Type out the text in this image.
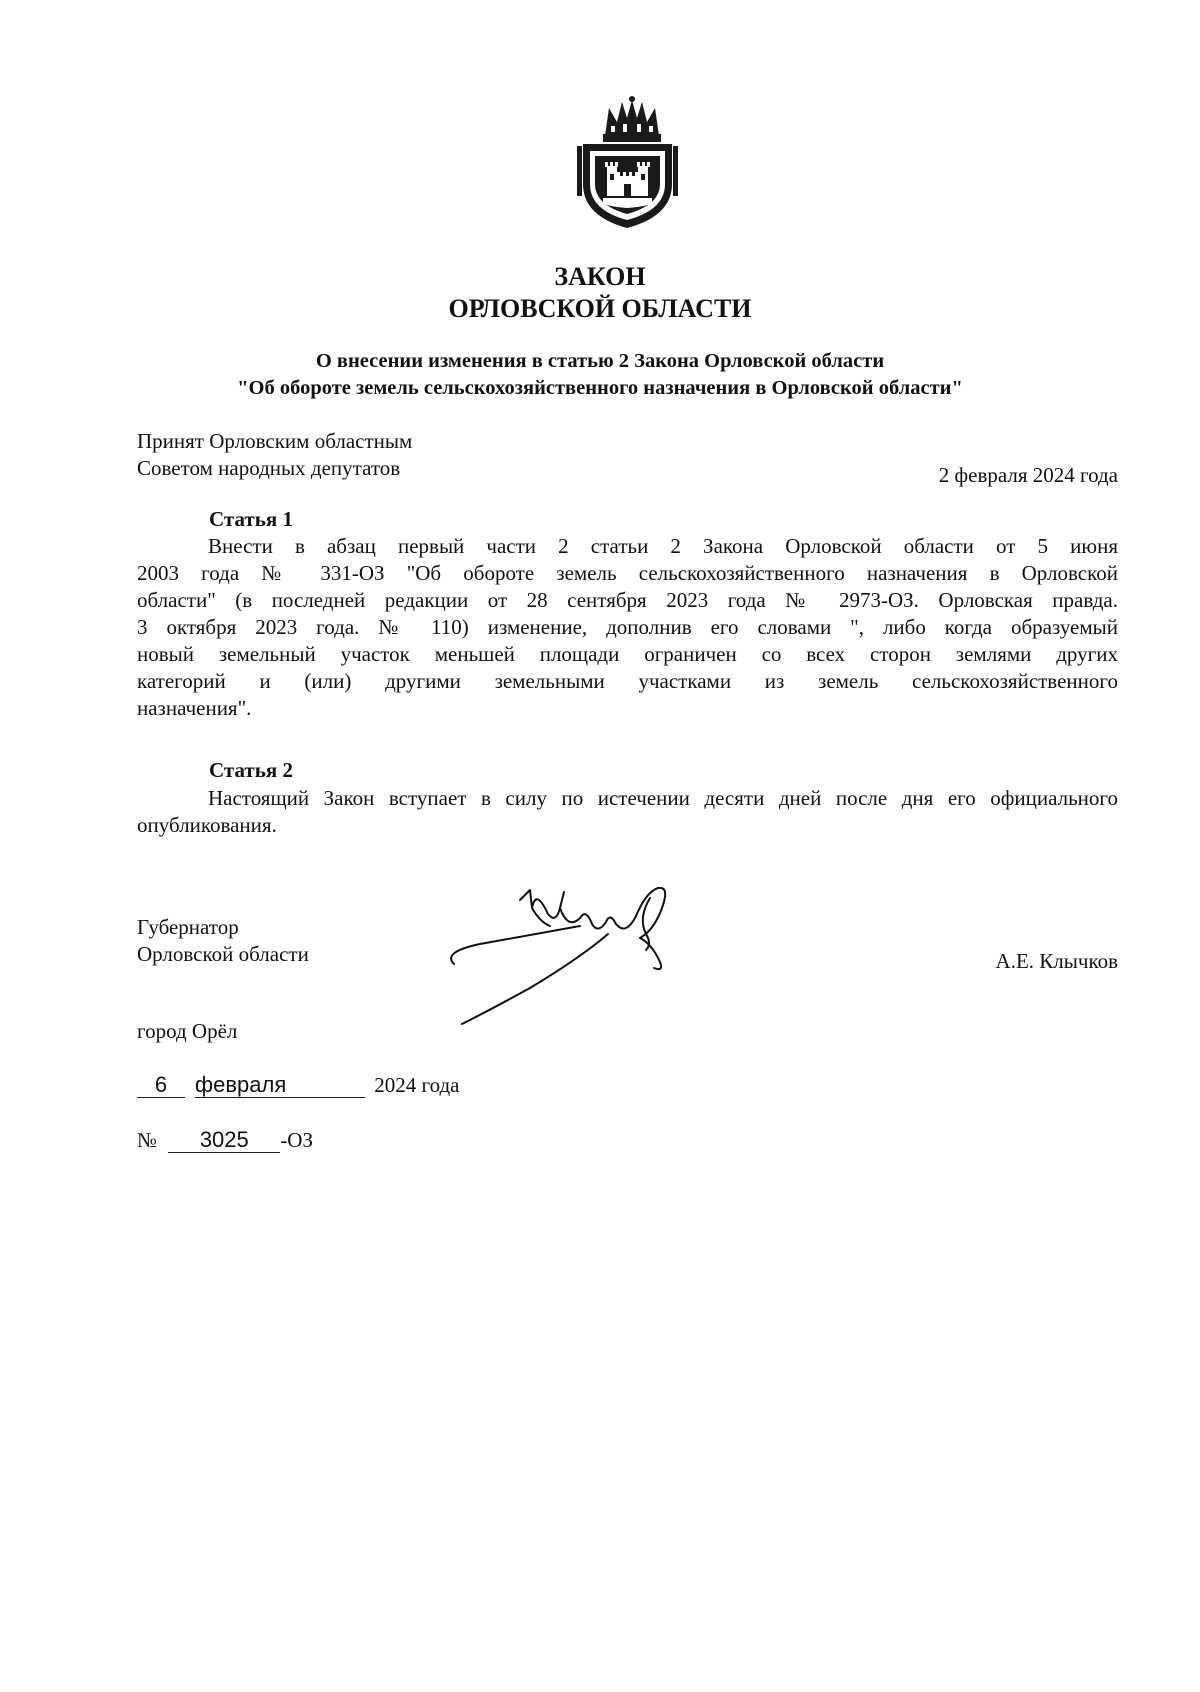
ЗАКОН
ОРЛОВСКОЙ ОБЛАСТИ
О внесении изменения в статью 2 Закона Орловской области
"Об обороте земель сельскохозяйственного назначения в Орловской области"
Принят Орловским областным
Советом народных депутатов	2 февраля 2024 года
Статья 1
Внести в абзац первый части 2 статьи 2 Закона Орловской области от 5 июня
2003 года № 331-ОЗ "Об обороте земель сельскохозяйственного назначения в Орловской
области" (в последней редакции от 28 сентября 2023 года № 2973-ОЗ. Орловская правда.
3 октября 2023 года. № 110) изменение, дополнив его словами ", либо когда образуемый
новый земельный участок меньшей площади ограничен со всех сторон землями других
категорий и (или) другими земельными участками из земель сельскохозяйственного
назначения".
Статья 2
Настоящий Закон вступает в силу по истечении десяти дней после дня его официального
опубликования.
Губернатор
Орловской области	А.Е. Клычков
город Орёл
6 февраля	2024 года
№ 3025 -ОЗ
